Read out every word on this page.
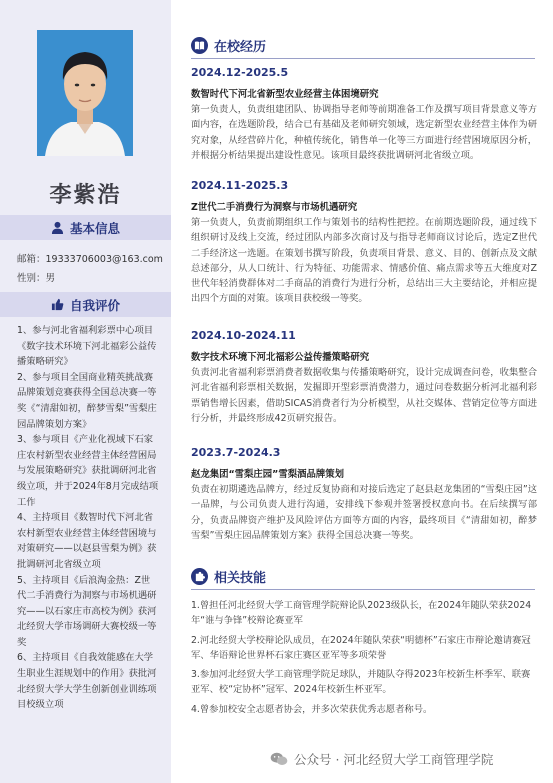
李紫浩
基本信息
邮箱：19333706003@163.com
性别：男
自我评价

1、参与河北省福利彩票中心项目《数字技术环境下河北福彩公益传播策略研究》

2、参与项目全国商业精英挑战赛品牌策划竞赛获得全国总决赛一等奖《“清甜如初，醉梦雪梨”雪梨庄园品牌策划方案》

3、参与项目《产业化视域下石家庄农村新型农业经营主体经营困局与发展策略研究》获批调研河北省级立项，并于2024年8月完成结项工作

4、主持项目《数智时代下河北省农村新型农业经营主体经营困境与对策研究——以赵县雪梨为例》获批调研河北省级立项

5、主持项目《后浪淘金热：Z世代二手消费行为洞察与市场机遇研究——以石家庄市高校为例》获河北经贸大学市场调研大赛校级一等奖

6、主持项目《自我效能感在大学生职业生涯规划中的作用》获批河北经贸大学大学生创新创业训练项目校级立项

在校经历
2024.12-2025.5
数智时代下河北省新型农业经营主体困境研究
第一负责人，负责组建团队、协调指导老师等前期准备工作及撰写项目背景意义等方面内容，在选题阶段，结合已有基础及老师研究领域，选定新型农业经营主体作为研究对象，从经营碎片化，种植传统化，销售单一化等三方面进行经营困境原因分析，并根据分析结果提出建设性意见。该项目最终获批调研河北省级立项。
2024.11-2025.3
Z世代二手消费行为洞察与市场机遇研究
第一负责人，负责前期组织工作与策划书的结构性把控。在前期选题阶段，通过线下组织研讨及线上交流，经过团队内部多次商讨及与指导老师商议讨论后，选定Z世代二手经济这一选题。在策划书撰写阶段，负责项目背景、意义、目的、创新点及文献总述部分，从人口统计、行为特征、功能需求、情感价值、痛点需求等五大维度对Z世代年轻消费群体对二手商品的消费行为进行分析，总结出三大主要结论，并相应提出四个方面的对策。该项目获校级一等奖。
2024.10-2024.11
数字技术环境下河北福彩公益传播策略研究
负责河北省福利彩票消费者数据收集与传播策略研究，设计完成调查问卷，收集整合河北省福利彩票相关数据，发掘即开型彩票消费潜力，通过问卷数据分析河北福利彩票销售增长因素，借助SICAS消费者行为分析模型，从社交媒体、营销定位等方面进行分析，并最终形成42页研究报告。
2023.7-2024.3
赵龙集团“雪梨庄园”雪梨酒品牌策划
负责在初期遴选品牌方，经过反复协商和对接后选定了赵县赵龙集团的“雪梨庄园”这一品牌，与公司负责人进行沟通，安排线下参观并签署授权意向书。在后续撰写部分，负责品牌资产维护及风险评估方面等方面的内容，最终项目《“清甜如初，醉梦雪梨”雪梨庄园品牌策划方案》获得全国总决赛一等奖。
相关技能

1.曾担任河北经贸大学工商管理学院辩论队2023级队长，在2024年随队荣获2024年“谁与争锋”校辩论赛亚军

2.河北经贸大学校辩论队成员，在2024年随队荣获“明德杯”石家庄市辩论邀请赛冠军、华语辩论世界杯石家庄赛区亚军等多项荣誉

3.参加河北经贸大学工商管理学院足球队，并随队夺得2023年校新生杯季军、联赛亚军、校“定协杯”冠军、2024年校新生杯亚军。

4.曾参加校安全志愿者协会，并多次荣获优秀志愿者称号。

公众号 · 河北经贸大学工商管理学院
